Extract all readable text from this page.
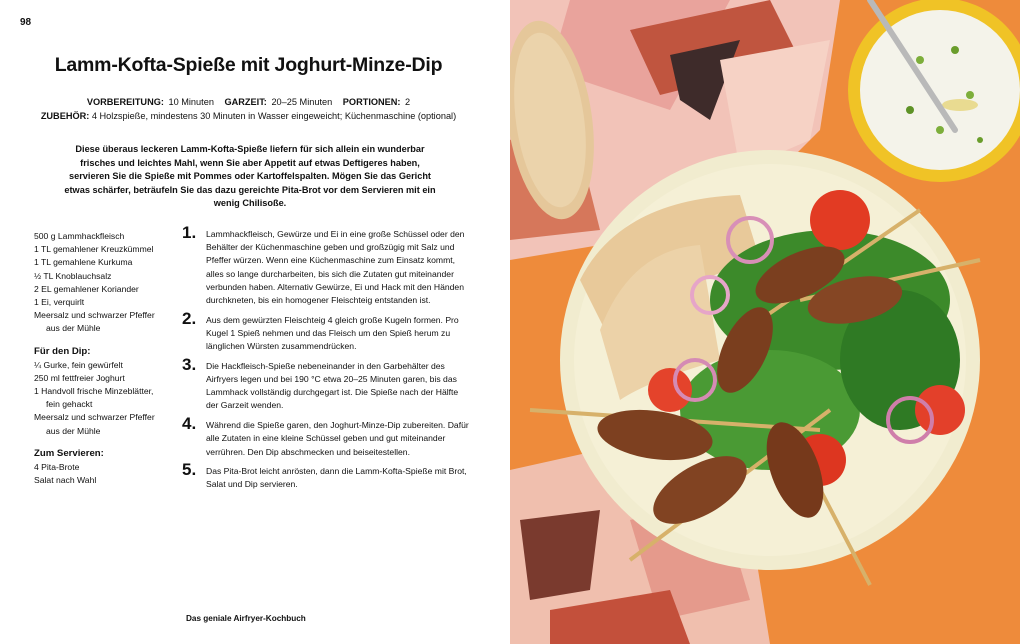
98
Lamm-Kofta-Spieße mit Joghurt-Minze-Dip
VORBEREITUNG: 10 Minuten GARZEIT: 20–25 Minuten PORTIONEN: 2
ZUBEHÖR: 4 Holzspieße, mindestens 30 Minuten in Wasser eingeweicht; Küchenmaschine (optional)

Diese überaus leckeren Lamm-Kofta-Spieße liefern für sich allein ein wunderbar frisches und leichtes Mahl, wenn Sie aber Appetit auf etwas Deftigeres haben, servieren Sie die Spieße mit Pommes oder Kartoffelspalten. Mögen Sie das Gericht etwas schärfer, beträufeln Sie das dazu gereichte Pita-Brot vor dem Servieren mit ein wenig Chilisoße.

500 g Lammhackfleisch
1 TL gemahlener Kreuzkümmel
1 TL gemahlene Kurkuma
½ TL Knoblauchsalz
2 EL gemahlener Koriander
1 Ei, verquirlt
Meersalz und schwarzer Pfeffer
aus der Mühle
Für den Dip:
¼ Gurke, fein gewürfelt
250 ml fettfreier Joghurt
1 Handvoll frische Minzeblätter,
fein gehackt
Meersalz und schwarzer Pfeffer
aus der Mühle
Zum Servieren:
4 Pita-Brote
Salat nach Wahl
1. Lammhackfleisch, Gewürze und Ei in eine große Schüssel oder den Behälter der Küchenmaschine geben und großzügig mit Salz und Pfeffer würzen. Wenn eine Küchenmaschine zum Einsatz kommt, alles so lange durcharbeiten, bis sich die Zutaten gut miteinander verbunden haben. Alternativ Gewürze, Ei und Hack mit den Händen durchkneten, bis ein homogener Fleischteig entstanden ist.
2. Aus dem gewürzten Fleischteig 4 gleich große Kugeln formen. Pro Kugel 1 Spieß nehmen und das Fleisch um den Spieß herum zu länglichen Würsten zusammendrücken.
3. Die Hackfleisch-Spieße nebeneinander in den Garbehälter des Airfryers legen und bei 190 °C etwa 20–25 Minuten garen, bis das Lammhack vollständig durchgegart ist. Die Spieße nach der Hälfte der Garzeit wenden.
4. Während die Spieße garen, den Joghurt-Minze-Dip zubereiten. Dafür alle Zutaten in eine kleine Schüssel geben und gut miteinander verrühren. Den Dip abschmecken und beiseitestellen.
5. Das Pita-Brot leicht anrösten, dann die Lamm-Kofta-Spieße mit Brot, Salat und Dip servieren.
Das geniale Airfryer-Kochbuch
